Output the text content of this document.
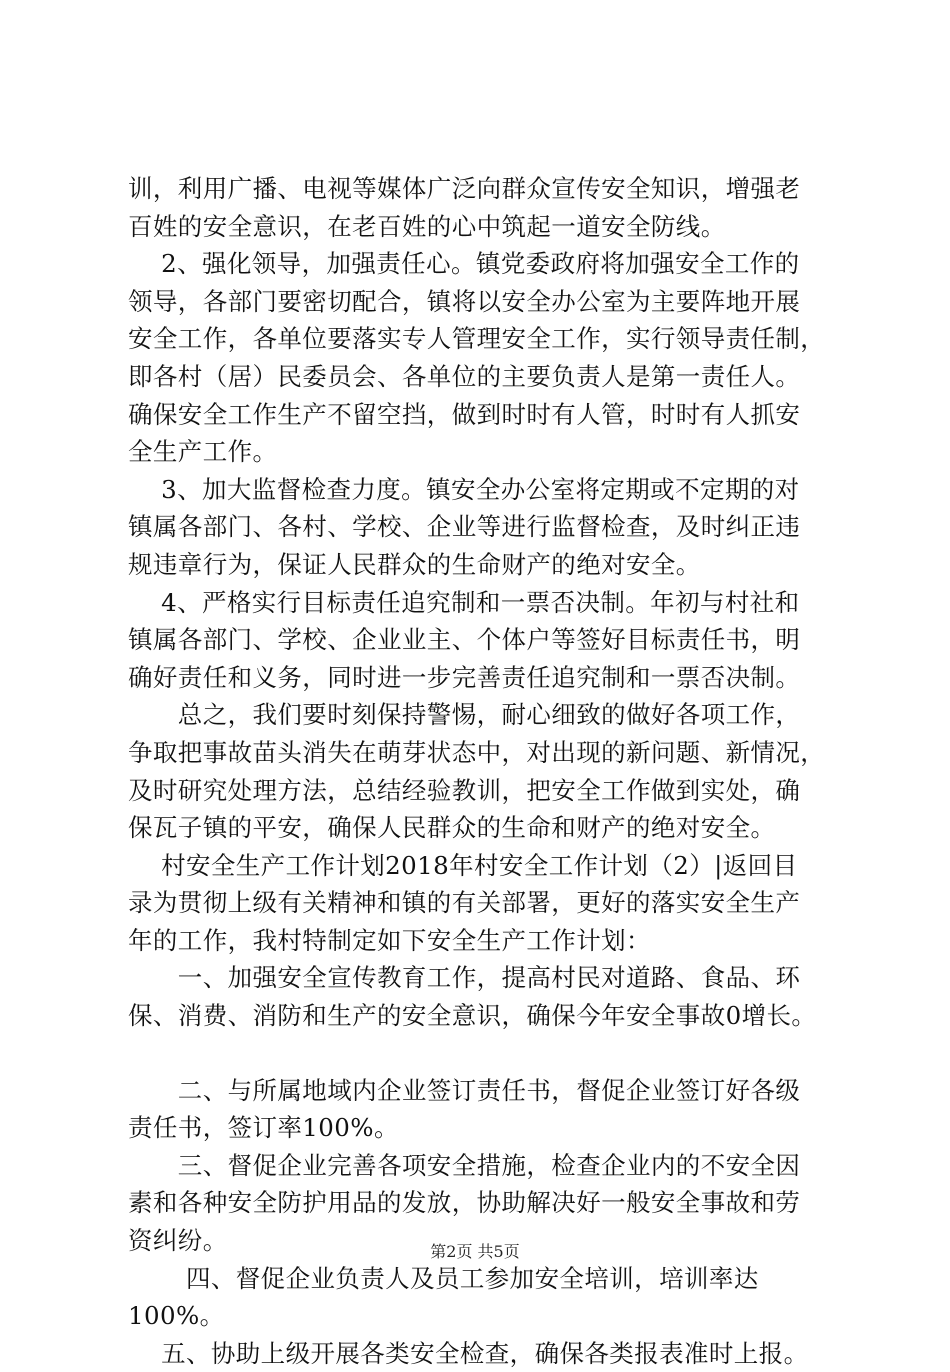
训，利用广播、电视等媒体广泛向群众宣传安全知识，增强老

百姓的安全意识，在老百姓的心中筑起一道安全防线。

　 2、强化领导，加强责任心。镇党委政府将加强安全工作的

领导，各部门要密切配合，镇将以安全办公室为主要阵地开展

安全工作，各单位要落实专人管理安全工作，实行领导责任制，

即各村（居）民委员会、各单位的主要负责人是第一责任人。

确保安全工作生产不留空挡，做到时时有人管，时时有人抓安

全生产工作。

　 3、加大监督检查力度。镇安全办公室将定期或不定期的对

镇属各部门、各村、学校、企业等进行监督检查，及时纠正违

规违章行为，保证人民群众的生命财产的绝对安全。

　 4、严格实行目标责任追究制和一票否决制。年初与村社和

镇属各部门、学校、企业业主、个体户等签好目标责任书，明

确好责任和义务，同时进一步完善责任追究制和一票否决制。

　　总之，我们要时刻保持警惕，耐心细致的做好各项工作，

争取把事故苗头消失在萌芽状态中，对出现的新问题、新情况，

及时研究处理方法，总结经验教训，把安全工作做到实处，确

保瓦子镇的平安，确保人民群众的生命和财产的绝对安全。

　 村安全生产工作计划2018年村安全工作计划（2）|返回目

录为贯彻上级有关精神和镇的有关部署，更好的落实安全生产

年的工作，我村特制定如下安全生产工作计划：

　　一、加强安全宣传教育工作，提高村民对道路、食品、环

保、消费、消防和生产的安全意识，确保今年安全事故0增长。

　　二、与所属地域内企业签订责任书，督促企业签订好各级

责任书，签订率100%。

　　三、督促企业完善各项安全措施，检查企业内的不安全因

素和各种安全防护用品的发放，协助解决好一般安全事故和劳

资纠纷。

　　 四、督促企业负责人及员工参加安全培训，培训率达

100%。

　 五、协助上级开展各类安全检查，确保各类报表准时上报。

第2页 共5页
